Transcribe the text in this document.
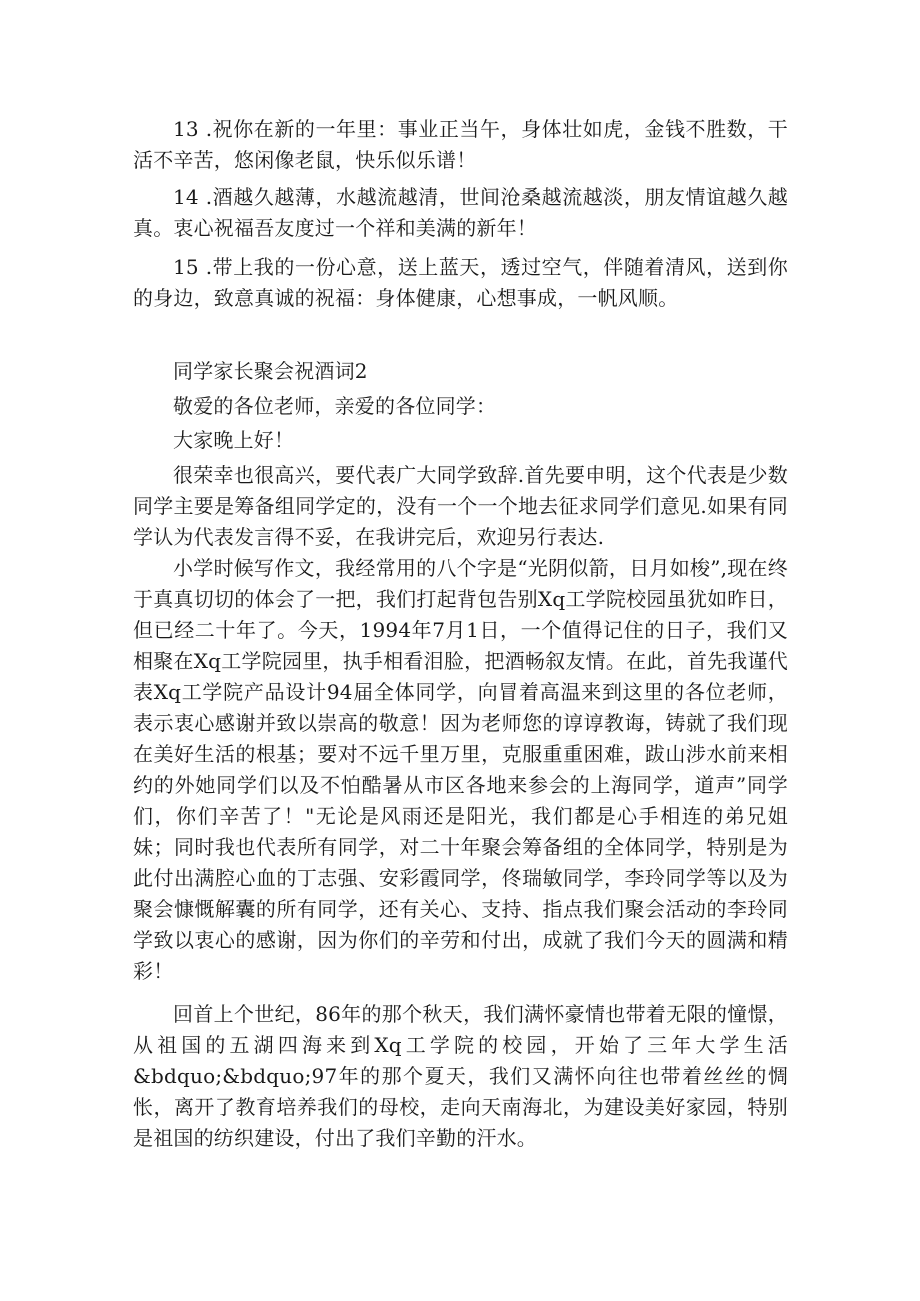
13 .祝你在新的一年里：事业正当午，身体壮如虎，金钱不胜数，干活不辛苦，悠闲像老鼠，快乐似乐谱！

14 .酒越久越薄，水越流越清，世间沧桑越流越淡，朋友情谊越久越真。衷心祝福吾友度过一个祥和美满的新年！

15 .带上我的一份心意，送上蓝天，透过空气，伴随着清风，送到你的身边，致意真诚的祝福：身体健康，心想事成，一帆风顺。

同学家长聚会祝酒词2

敬爱的各位老师，亲爱的各位同学：

大家晚上好！

很荣幸也很高兴，要代表广大同学致辞.首先要申明，这个代表是少数同学主要是筹备组同学定的，没有一个一个地去征求同学们意见.如果有同学认为代表发言得不妥，在我讲完后，欢迎另行表达.

小学时候写作文，我经常用的八个字是“光阴似箭，日月如梭”,现在终于真真切切的体会了一把，我们打起背包告别Xq工学院校园虽犹如昨日，但已经二十年了。今天，1994年7月1日，一个值得记住的日子，我们又相聚在Xq工学院园里，执手相看泪脸，把酒畅叙友情。在此，首先我谨代表Xq工学院产品设计94届全体同学，向冒着高温来到这里的各位老师，表示衷心感谢并致以崇高的敬意！因为老师您的谆谆教诲，铸就了我们现在美好生活的根基；要对不远千里万里，克服重重困难，跋山涉水前来相约的外她同学们以及不怕酷暑从市区各地来参会的上海同学，道声”同学们，你们辛苦了！"无论是风雨还是阳光，我们都是心手相连的弟兄姐妹；同时我也代表所有同学，对二十年聚会筹备组的全体同学，特别是为此付出满腔心血的丁志强、安彩霞同学，佟瑞敏同学，李玲同学等以及为聚会慷慨解囊的所有同学，还有关心、支持、指点我们聚会活动的李玲同学致以衷心的感谢，因为你们的辛劳和付出，成就了我们今天的圆满和精彩！

回首上个世纪，86年的那个秋天，我们满怀豪情也带着无限的憧憬，从祖国的五湖四海来到Xq工学院的校园，开始了三年大学生活&bdquo;&bdquo;97年的那个夏天，我们又满怀向往也带着丝丝的惆怅，离开了教育培养我们的母校，走向天南海北，为建设美好家园，特别是祖国的纺织建设，付出了我们辛勤的汗水。
